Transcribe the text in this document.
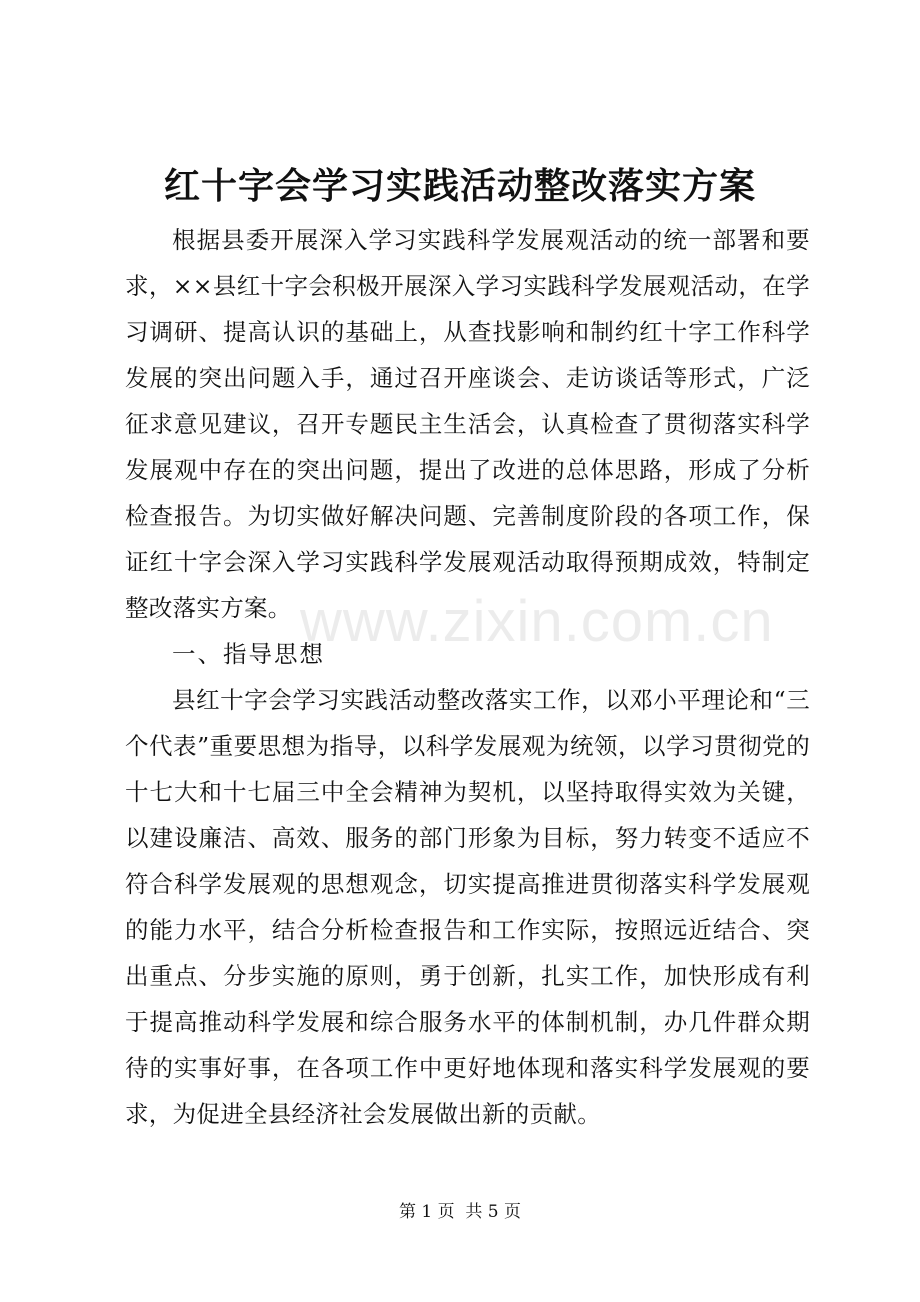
红十字会学习实践活动整改落实方案

根据县委开展深入学习实践科学发展观活动的统一部署和要求，××县红十字会积极开展深入学习实践科学发展观活动，在学习调研、提高认识的基础上，从查找影响和制约红十字工作科学发展的突出问题入手，通过召开座谈会、走访谈话等形式，广泛征求意见建议，召开专题民主生活会，认真检查了贯彻落实科学发展观中存在的突出问题，提出了改进的总体思路，形成了分析检查报告。为切实做好解决问题、完善制度阶段的各项工作，保证红十字会深入学习实践科学发展观活动取得预期成效，特制定整改落实方案。

一、指导思想

县红十字会学习实践活动整改落实工作，以邓小平理论和“三个代表”重要思想为指导，以科学发展观为统领，以学习贯彻党的十七大和十七届三中全会精神为契机，以坚持取得实效为关键，以建设廉洁、高效、服务的部门形象为目标，努力转变不适应不符合科学发展观的思想观念，切实提高推进贯彻落实科学发展观的能力水平，结合分析检查报告和工作实际，按照远近结合、突出重点、分步实施的原则，勇于创新，扎实工作，加快形成有利于提高推动科学发展和综合服务水平的体制机制，办几件群众期待的实事好事，在各项工作中更好地体现和落实科学发展观的要求，为促进全县经济社会发展做出新的贡献。

www.zixin.com.cn
第 1 页  共 5 页
